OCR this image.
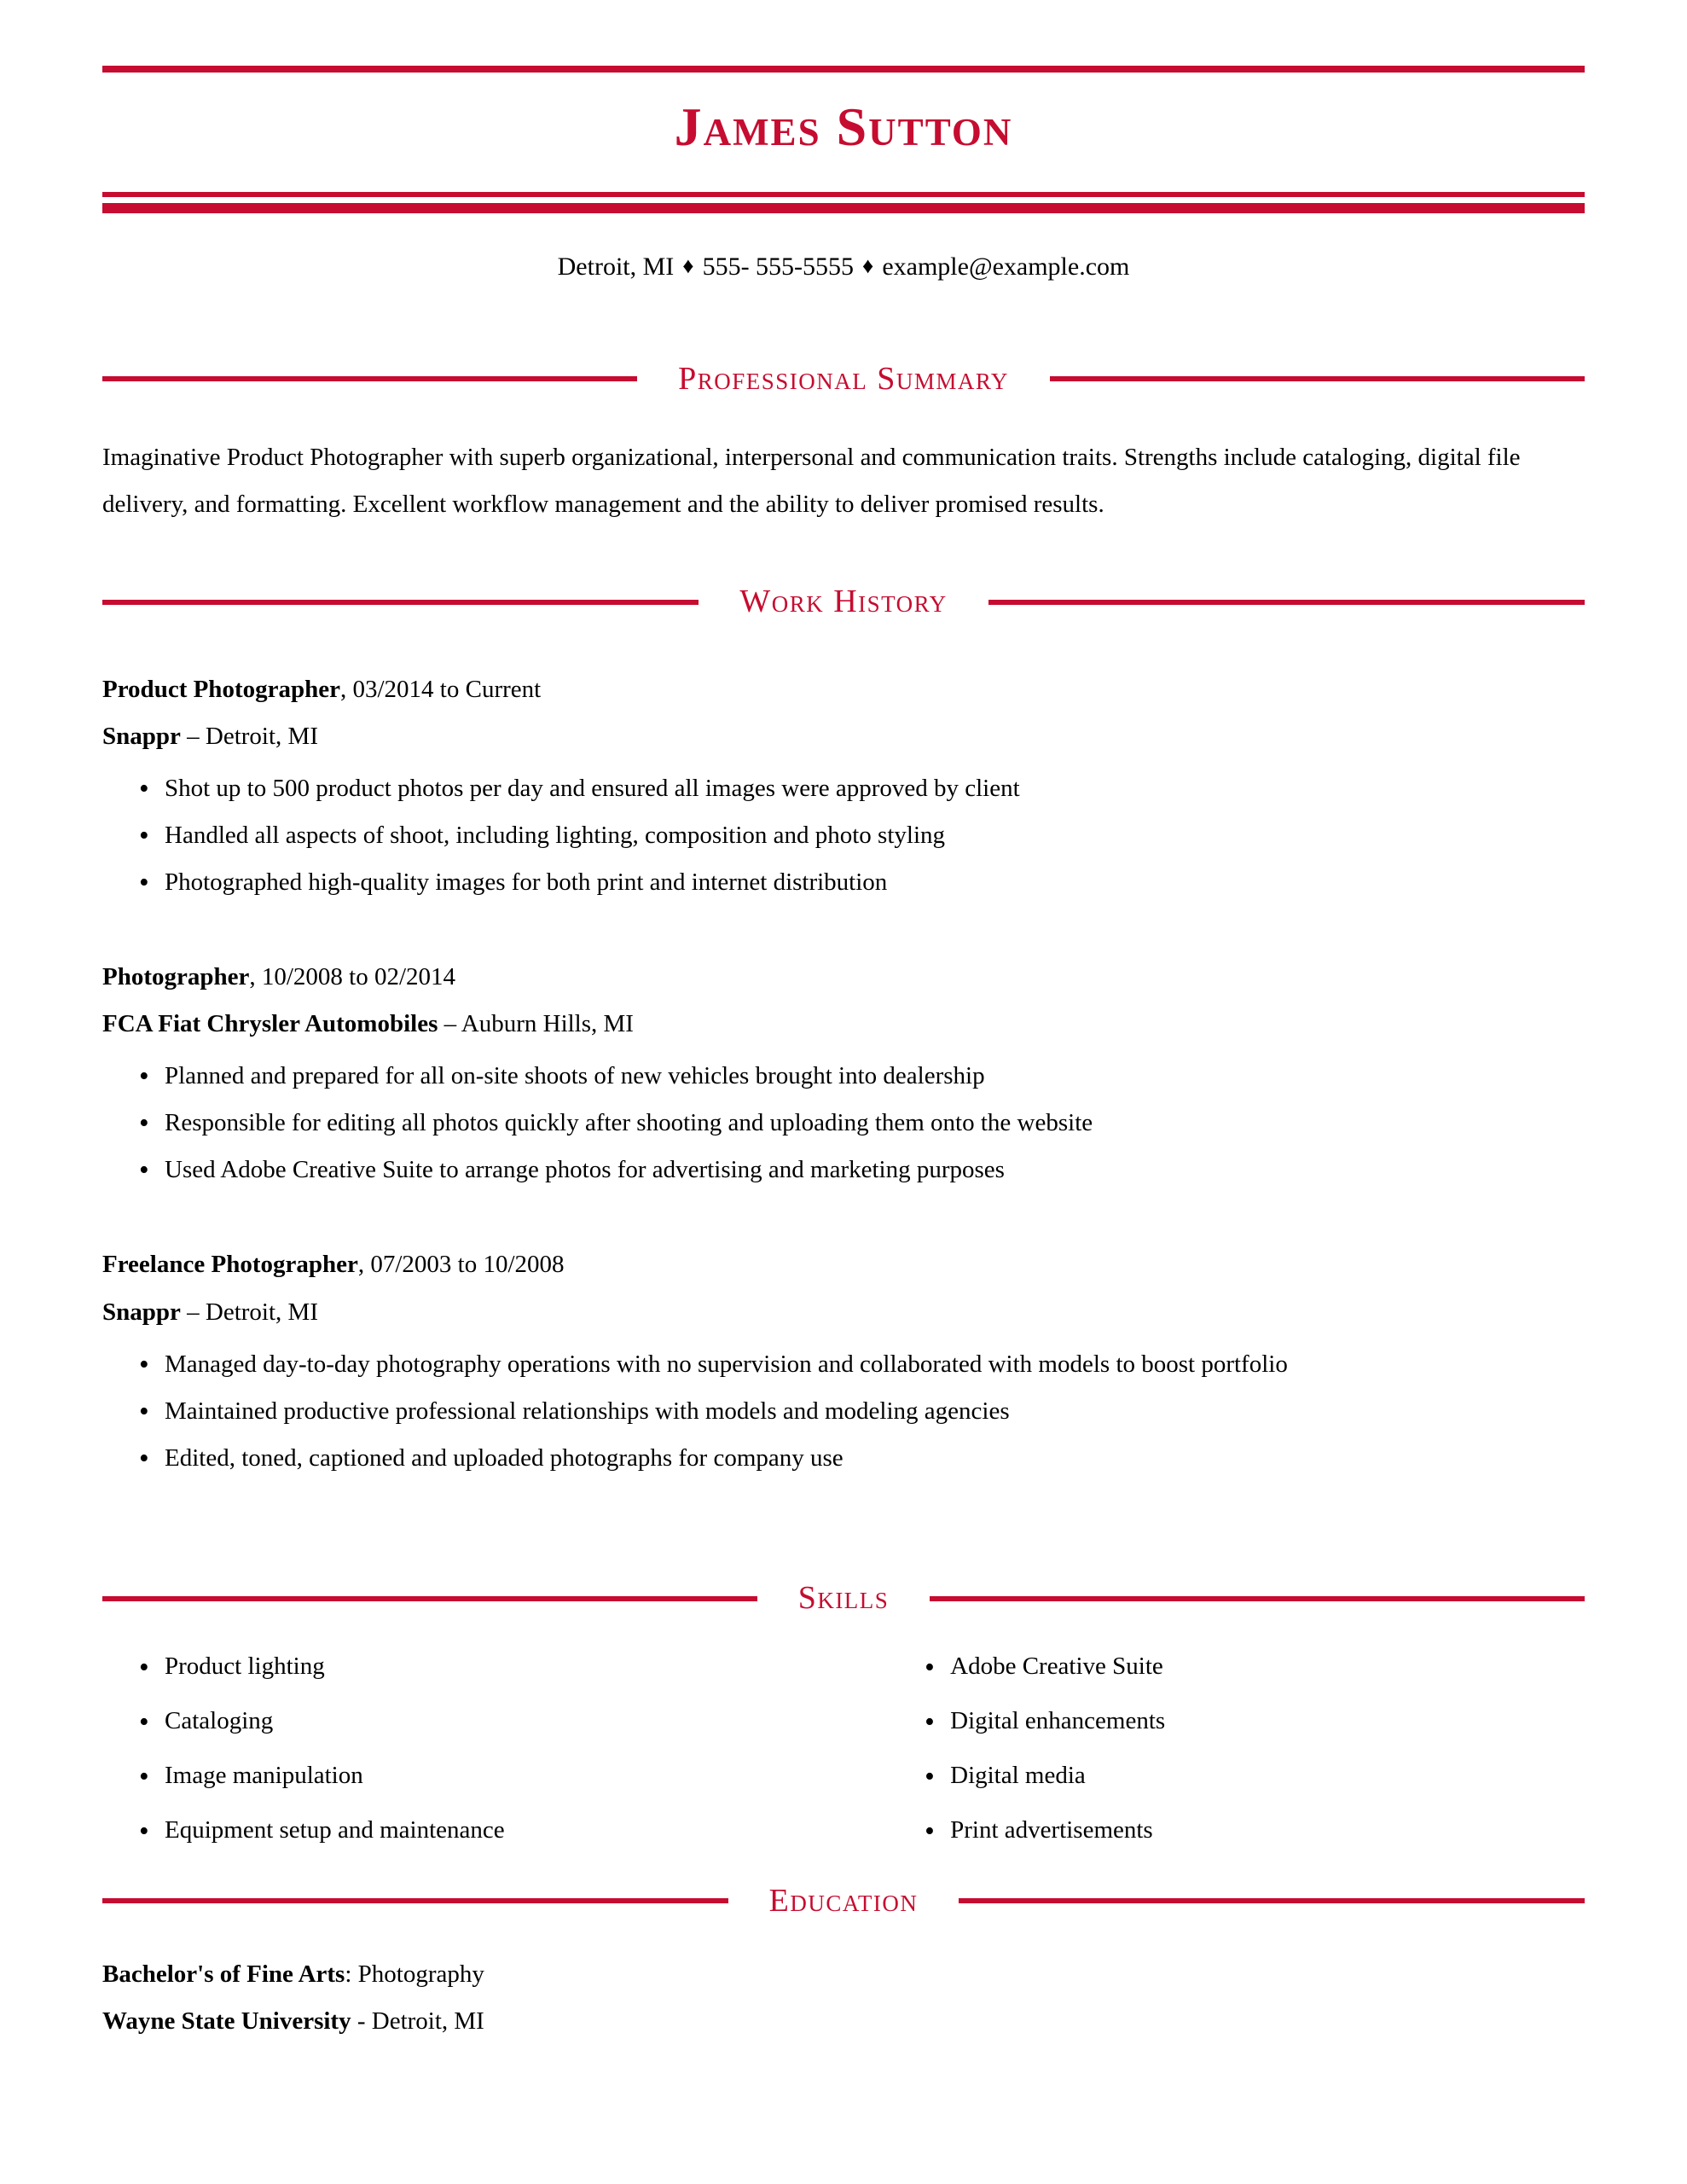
James Sutton
Detroit, MI ♦ 555- 555-5555 ♦ example@example.com
Professional Summary

Imaginative Product Photographer with superb organizational, interpersonal and communication traits. Strengths include cataloging, digital file delivery, and formatting. Excellent workflow management and the ability to deliver promised results.

Work History
Product Photographer, 03/2014 to Current
Snappr – Detroit, MI
• Shot up to 500 product photos per day and ensured all images were approved by client
• Handled all aspects of shoot, including lighting, composition and photo styling
• Photographed high-quality images for both print and internet distribution
Photographer, 10/2008 to 02/2014
FCA Fiat Chrysler Automobiles – Auburn Hills, MI
• Planned and prepared for all on-site shoots of new vehicles brought into dealership
• Responsible for editing all photos quickly after shooting and uploading them onto the website
• Used Adobe Creative Suite to arrange photos for advertising and marketing purposes
Freelance Photographer, 07/2003 to 10/2008
Snappr – Detroit, MI
• Managed day-to-day photography operations with no supervision and collaborated with models to boost portfolio
• Maintained productive professional relationships with models and modeling agencies
• Edited, toned, captioned and uploaded photographs for company use
Skills
• Product lighting
• Cataloging
• Image manipulation
• Equipment setup and maintenance
• Adobe Creative Suite
• Digital enhancements
• Digital media
• Print advertisements
Education
Bachelor's of Fine Arts: Photography
Wayne State University - Detroit, MI
